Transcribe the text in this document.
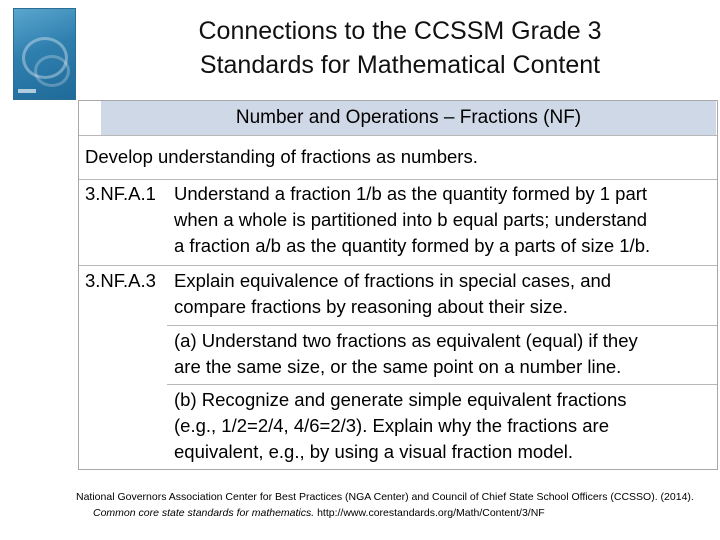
Connections to the CCSSM Grade 3
Standards for Mathematical Content
Number and Operations – Fractions (NF)
Develop understanding of fractions as numbers.
3.NF.A.1 Understand a fraction 1/b as the quantity formed by 1 part
when a whole is partitioned into b equal parts; understand
a fraction a/b as the quantity formed by a parts of size 1/b.
3.NF.A.3 Explain equivalence of fractions in special cases, and
compare fractions by reasoning about their size.
(a) Understand two fractions as equivalent (equal) if they
are the same size, or the same point on a number line.
(b) Recognize and generate simple equivalent fractions
(e.g., 1/2=2/4, 4/6=2/3). Explain why the fractions are
equivalent, e.g., by using a visual fraction model.
National Governors Association Center for Best Practices (NGA Center) and Council of Chief State School Officers (CCSSO). (2014).
Common core state standards for mathematics. http://www.corestandards.org/Math/Content/3/NF
